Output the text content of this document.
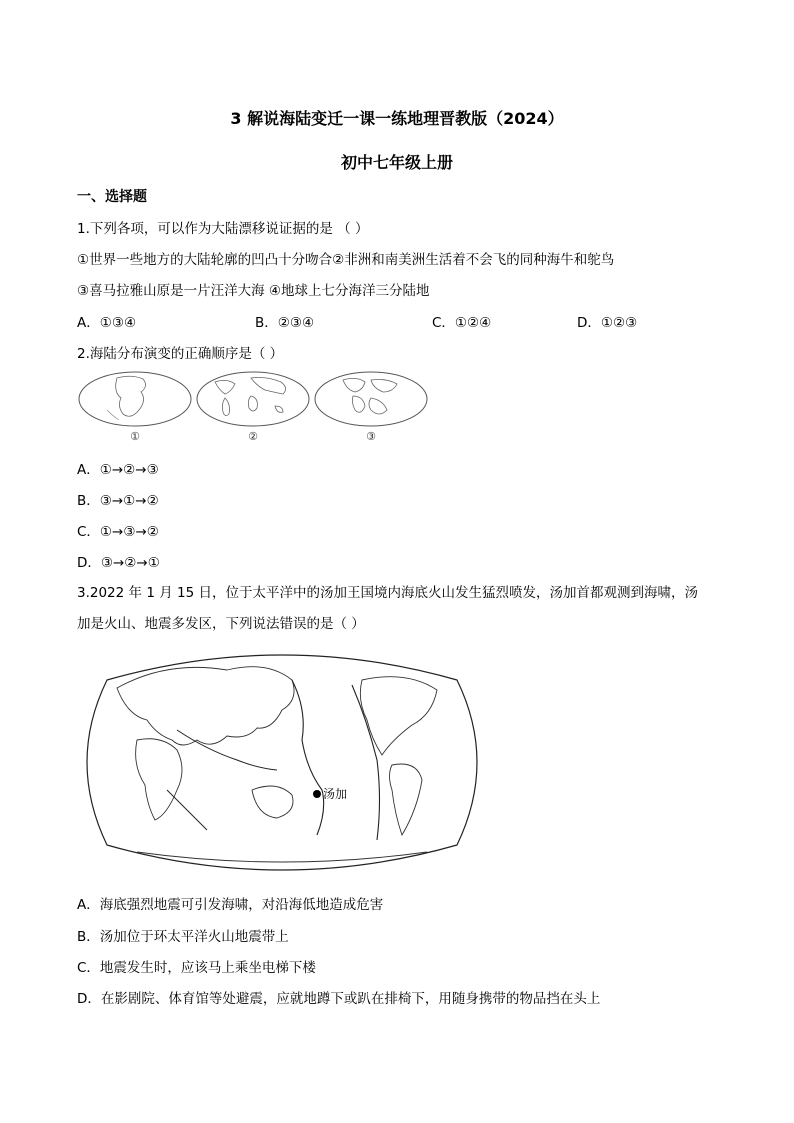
3 解说海陆变迁一课一练地理晋教版（2024）
初中七年级上册
一、选择题
1.下列各项，可以作为大陆漂移说证据的是 （ ）
①世界一些地方的大陆轮廓的凹凸十分吻合②非洲和南美洲生活着不会飞的同种海牛和鸵鸟
③喜马拉雅山原是一片汪洋大海 ④地球上七分海洋三分陆地
A．①③④	B．②③④	C．①②④	D．①②③
2.海陆分布演变的正确顺序是（ ）
①	②	③
A．①→②→③
B．③→①→②
C．①→③→②
D．③→②→①
3.2022 年 1 月 15 日，位于太平洋中的汤加王国境内海底火山发生猛烈喷发，汤加首都观测到海啸，汤
加是火山、地震多发区，下列说法错误的是（ ）
汤加
A．海底强烈地震可引发海啸，对沿海低地造成危害
B．汤加位于环太平洋火山地震带上
C．地震发生时，应该马上乘坐电梯下楼
D．在影剧院、体育馆等处避震，应就地蹲下或趴在排椅下，用随身携带的物品挡在头上
